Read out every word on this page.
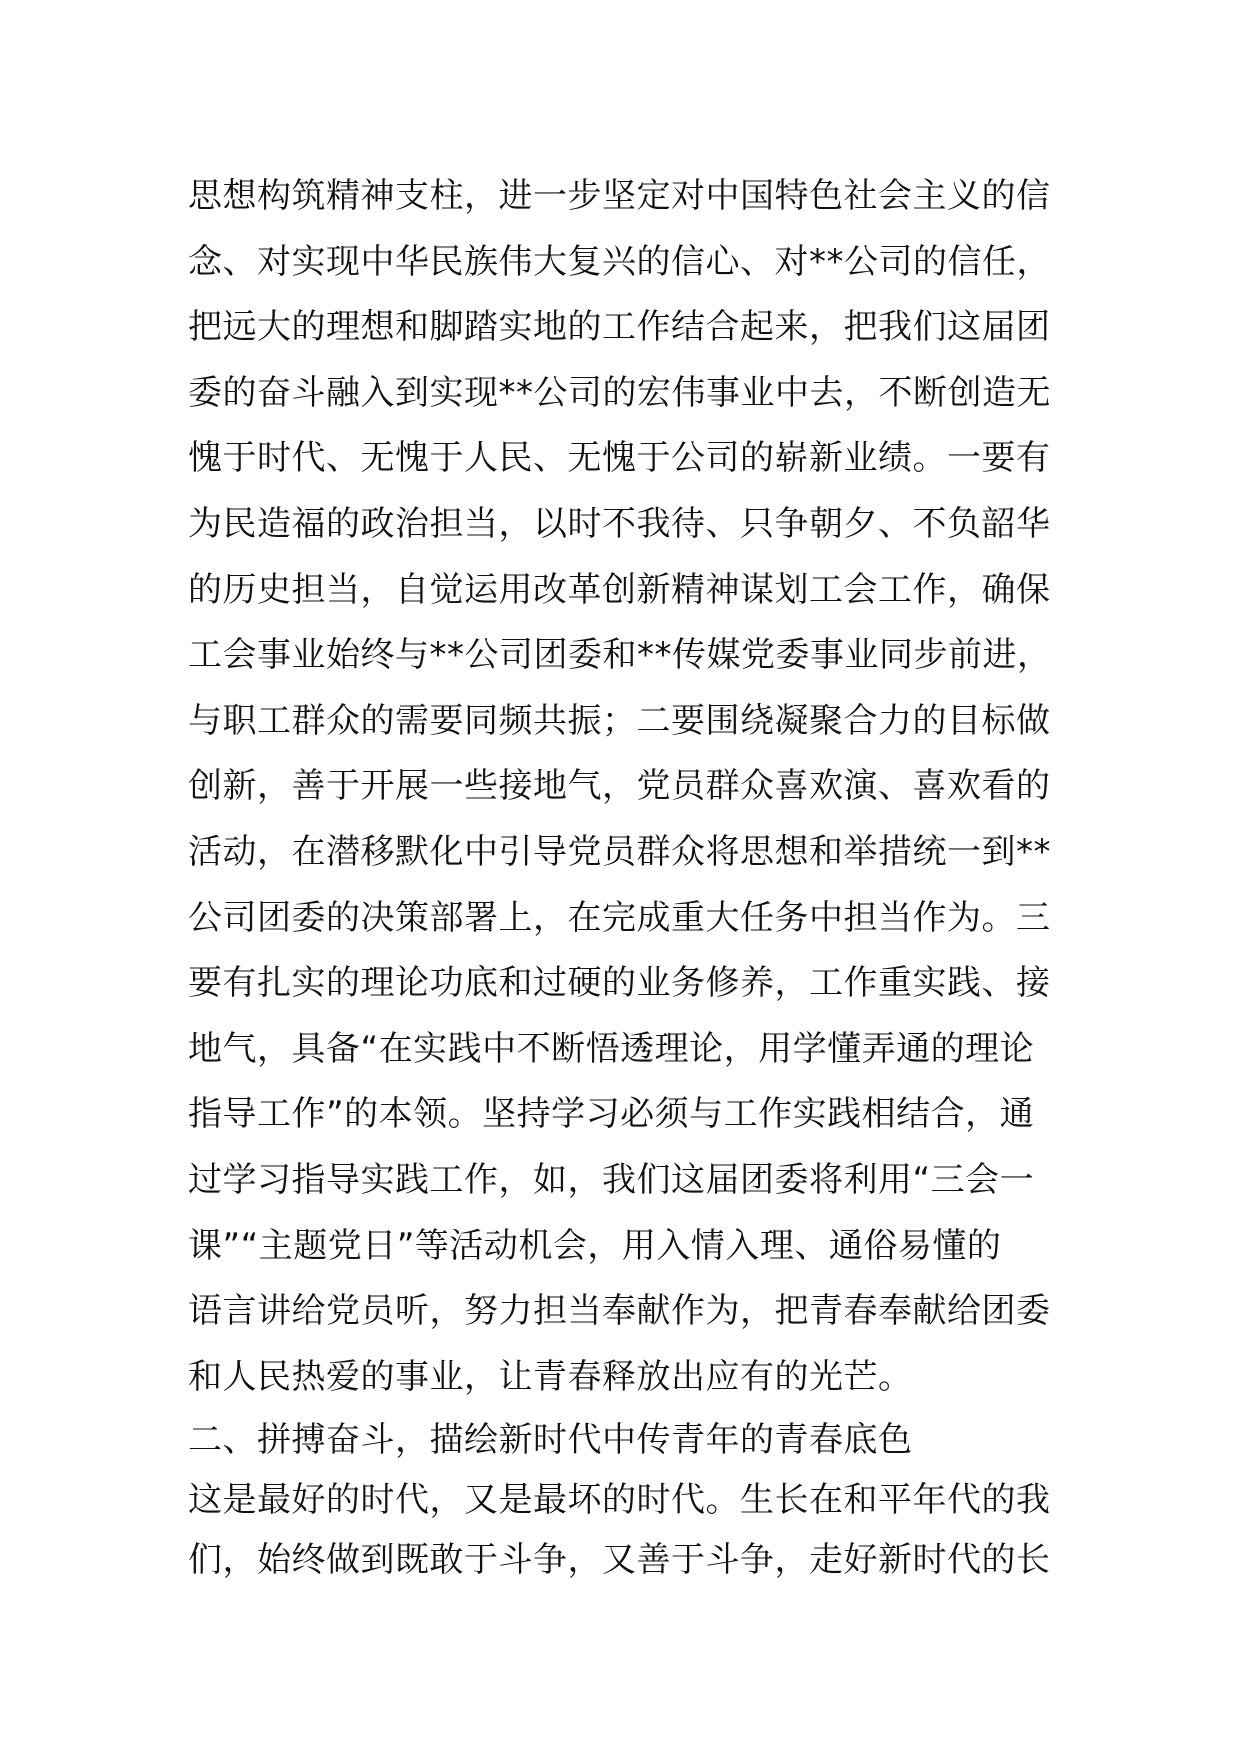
思想构筑精神支柱，进一步坚定对中国特色社会主义的信
念、对实现中华民族伟大复兴的信心、对**公司的信任，
把远大的理想和脚踏实地的工作结合起来，把我们这届团
委的奋斗融入到实现**公司的宏伟事业中去，不断创造无
愧于时代、无愧于人民、无愧于公司的崭新业绩。一要有
为民造福的政治担当，以时不我待、只争朝夕、不负韶华
的历史担当，自觉运用改革创新精神谋划工会工作，确保
工会事业始终与**公司团委和**传媒党委事业同步前进，
与职工群众的需要同频共振；二要围绕凝聚合力的目标做
创新，善于开展一些接地气，党员群众喜欢演、喜欢看的
活动，在潜移默化中引导党员群众将思想和举措统一到**
公司团委的决策部署上，在完成重大任务中担当作为。三
要有扎实的理论功底和过硬的业务修养，工作重实践、接
地气，具备“在实践中不断悟透理论，用学懂弄通的理论
指导工作”的本领。坚持学习必须与工作实践相结合，通
过学习指导实践工作，如，我们这届团委将利用“三会一
课”“主题党日”等活动机会，用入情入理、通俗易懂的
语言讲给党员听，努力担当奉献作为，把青春奉献给团委
和人民热爱的事业，让青春释放出应有的光芒。
二、拼搏奋斗，描绘新时代中传青年的青春底色
这是最好的时代，又是最坏的时代。生长在和平年代的我
们，始终做到既敢于斗争，又善于斗争，走好新时代的长
